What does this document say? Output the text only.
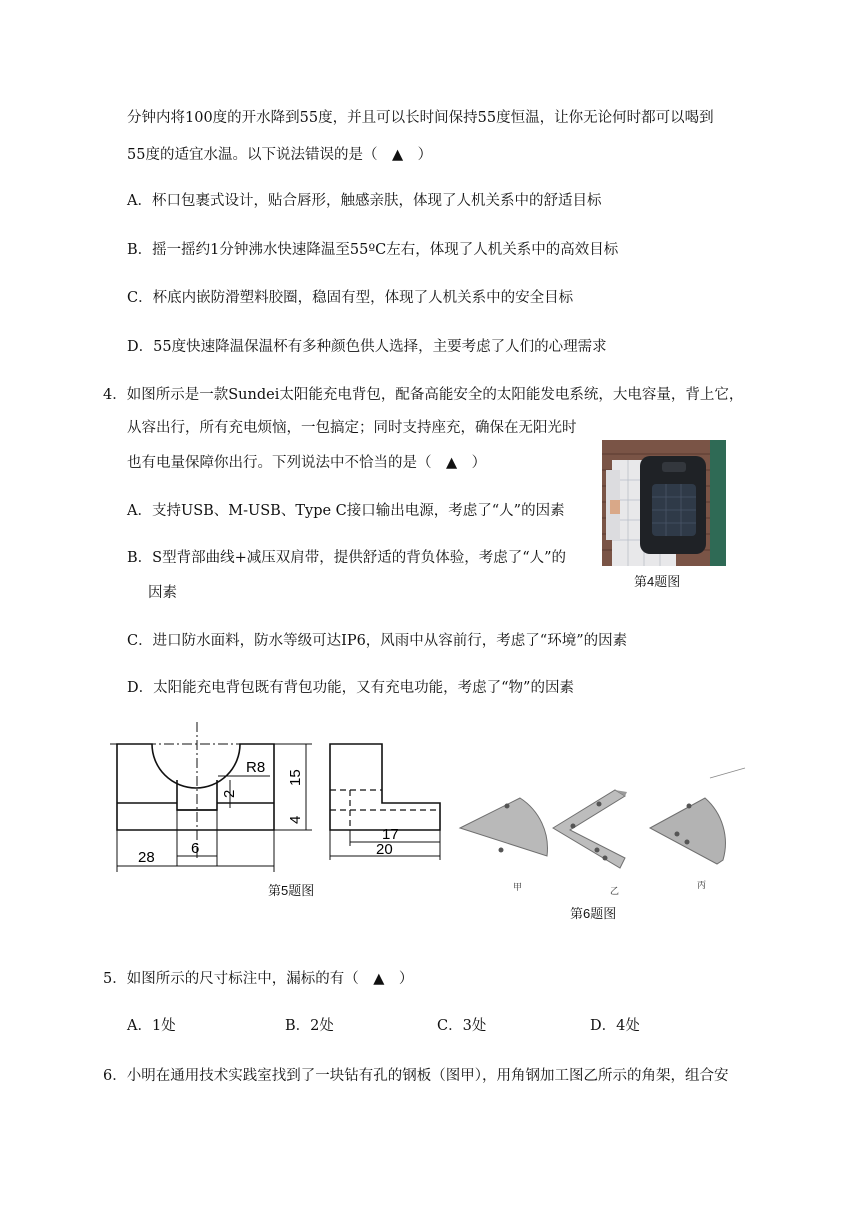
分钟内将100度的开水降到55度，并且可以长时间保持55度恒温，让你无论何时都可以喝到
55度的适宜水温。以下说法错误的是（　▲　）
A．杯口包裹式设计，贴合唇形，触感亲肤，体现了人机关系中的舒适目标
B．摇一摇约1分钟沸水快速降温至55ºC左右，体现了人机关系中的高效目标
C．杯底内嵌防滑塑料胶圈，稳固有型，体现了人机关系中的安全目标
D．55度快速降温保温杯有多种颜色供人选择，主要考虑了人们的心理需求
4．如图所示是一款Sundei太阳能充电背包，配备高能安全的太阳能发电系统，大电容量，背上它，
从容出行，所有充电烦恼，一包搞定；同时支持座充，确保在无阳光时
也有电量保障你出行。下列说法中不恰当的是（　▲　）
A．支持USB、M-USB、Type C接口输出电源，考虑了“人”的因素
B．S型背部曲线+减压双肩带，提供舒适的背负体验，考虑了“人”的
因素
C．进口防水面料，防水等级可达IP6，风雨中从容前行，考虑了“环境”的因素
D．太阳能充电背包既有背包功能，又有充电功能，考虑了“物”的因素
第4题图
R8
2
15
4
28
6
17
20
第5题图	甲	乙
丙
第6题图
5．如图所示的尺寸标注中，漏标的有（　▲　）
A．1处	B．2处	C．3处	D．4处
6．小明在通用技术实践室找到了一块钻有孔的钢板（图甲），用角钢加工图乙所示的角架，组合安
